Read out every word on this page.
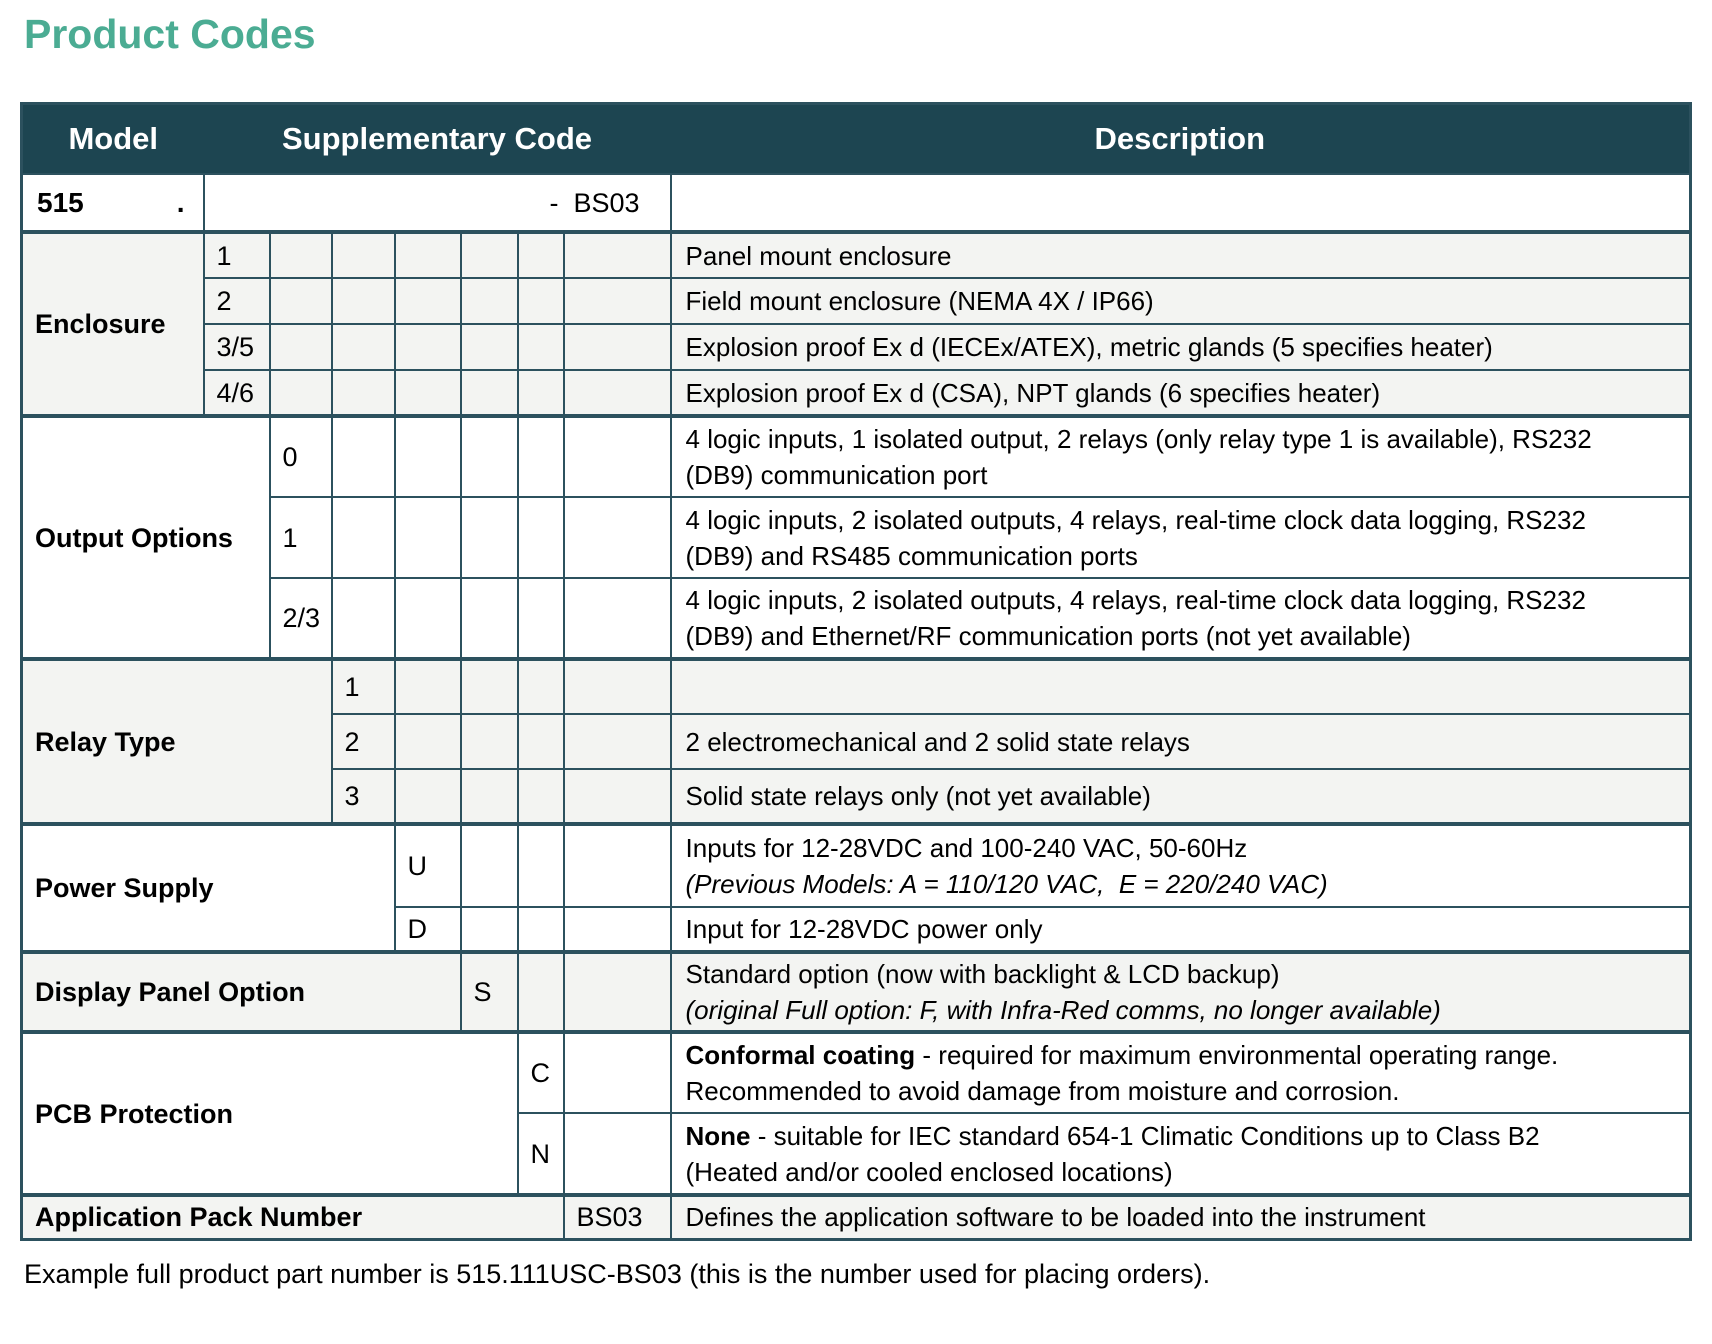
Product Codes
Model	Supplementary Code							Description
515 .	-  BS03							
Enclosure	1							Panel mount enclosure
	2							Field mount enclosure (NEMA 4X / IP66)
	3/5							Explosion proof Ex d (IECEx/ATEX), metric glands (5 specifies heater)
	4/6							Explosion proof Ex d (CSA), NPT glands (6 specifies heater)
Output Options		0						4 logic inputs, 1 isolated output, 2 relays (only relay type 1 is available), RS232
(DB9) communication port

		1						4 logic inputs, 2 isolated outputs, 4 relays, real-time clock data logging, RS232
(DB9) and RS485 communication ports

		2/3						4 logic inputs, 2 isolated outputs, 4 relays, real-time clock data logging, RS232
(DB9) and Ethernet/RF communication ports (not yet available)

Relay Type			1					
			2					2 electromechanical and 2 solid state relays
			3					Solid state relays only (not yet available)
Power Supply				U				Inputs for 12-28VDC and 100-240 VAC, 50-60Hz
(Previous Models: A = 110/120 VAC,  E = 220/240 VAC)

				D				Input for 12-28VDC power only
Display Panel Option					S			Standard option (now with backlight & LCD backup)
(original Full option: F, with Infra-Red comms, no longer available)

PCB Protection						C		Conformal coating - required for maximum environmental operating range.
Recommended to avoid damage from moisture and corrosion.

						N		None - suitable for IEC standard 654-1 Climatic Conditions up to Class B2
(Heated and/or cooled enclosed locations)

Application Pack Number							BS03	Defines the application software to be loaded into the instrument
Example full product part number is 515.111USC-BS03 (this is the number used for placing orders).
